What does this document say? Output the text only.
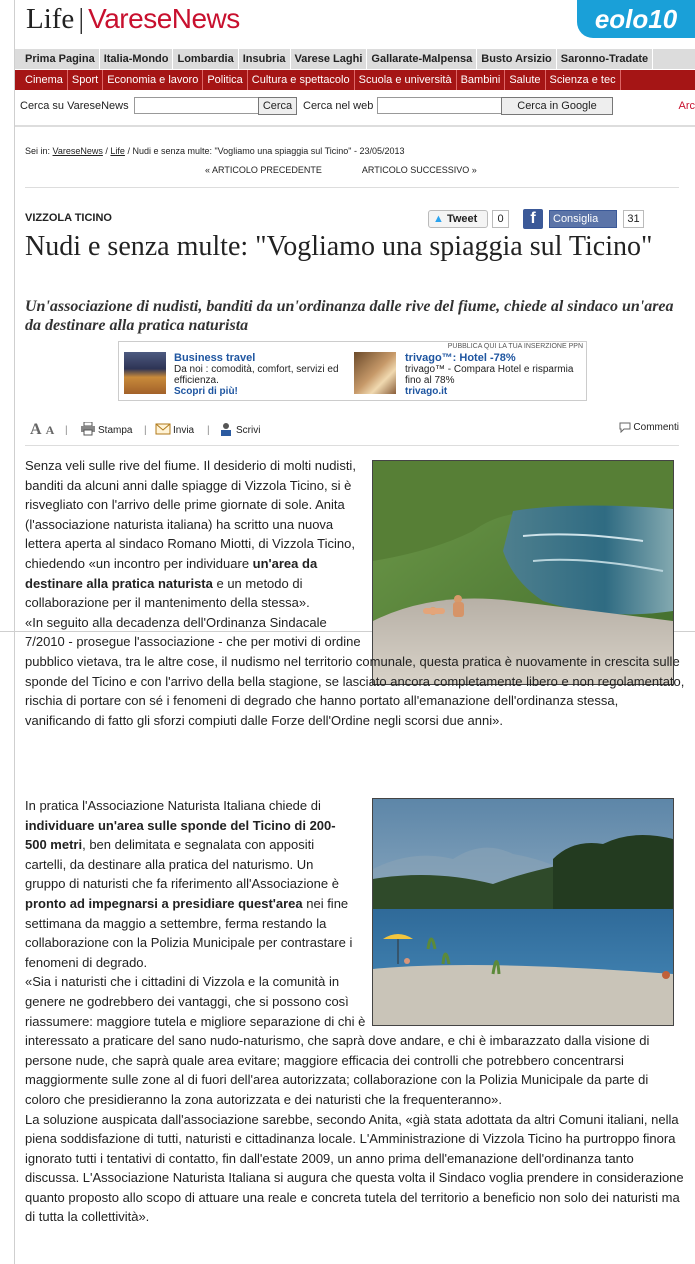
Life | VareseNews	eolo10
Prima Pagina Italia-Mondo Lombardia Insubria Varese Laghi Gallarate-Malpensa Busto Arsizio Saronno-Tradate
Cinema Sport Economia e lavoro Politica Cultura e spettacolo Scuola e università Bambini Salute Scienza e tec
Cerca su VareseNews	Cerca Cerca nel web	Cerca in Google	Arc
Sei in: VareseNews / Life / Nudi e senza multe: "Vogliamo una spiaggia sul Ticino" - 23/05/2013
« ARTICOLO PRECEDENTE	ARTICOLO SUCCESSIVO »
VIZZOLA TICINO	▲ Tweet	0	f	Consiglia	31
Nudi e senza multe: "Vogliamo una spiaggia sul Ticino"
Un'associazione di nudisti, banditi da un'ordinanza dalle rive del fiume, chiede al sindaco un'area da destinare alla pratica naturista
PUBBLICA QUI LA TUA INSERZIONE PPN
Business travel
Da noi : comodità, comfort, servizi ed efficienza.
Scopri di più!
trivago™: Hotel -78%
trivago™ - Compara Hotel e risparmia fino al 78%
trivago.it
A A |	Stampa |	Invia |	Scrivi	Commenti

Senza veli sulle rive del fiume. Il desiderio di molti nudisti, banditi da alcuni anni dalle spiagge di Vizzola Ticino, si è risvegliato con l'arrivo delle prime giornate di sole. Anita (l'associazione naturista italiana) ha scritto una nuova lettera aperta al sindaco Romano Miotti, di Vizzola Ticino, chiedendo «un incontro per individuare un'area da destinare alla pratica naturista e un metodo di collaborazione per il mantenimento della stessa».

«In seguito alla decadenza dell'Ordinanza Sindacale 7/2010 - prosegue l'associazione - che per motivi di ordine pubblico vietava, tra le altre cose, il nudismo nel territorio comunale, questa pratica è nuovamente in crescita sulle sponde del Ticino e con l'arrivo della bella stagione, se lasciato ancora completamente libero e non regolamentato, rischia di portare con sé i fenomeni di degrado che hanno portato all'emanazione dell'ordinanza stessa, vanificando di fatto gli sforzi compiuti dalle Forze dell'Ordine negli scorsi due anni».

In pratica l'Associazione Naturista Italiana chiede di individuare un'area sulle sponde del Ticino di 200-500 metri, ben delimitata e segnalata con appositi cartelli, da destinare alla pratica del naturismo. Un gruppo di naturisti che fa riferimento all'Associazione è pronto ad impegnarsi a presidiare quest'area nei fine settimana da maggio a settembre, ferma restando la collaborazione con la Polizia Municipale per contrastare i fenomeni di degrado.

«Sia i naturisti che i cittadini di Vizzola e la comunità in genere ne godrebbero dei vantaggi, che si possono così riassumere: maggiore tutela e migliore separazione di chi è interessato a praticare del sano nudo-naturismo, che saprà dove andare, e chi è imbarazzato dalla visione di persone nude, che saprà quale area evitare; maggiore efficacia dei controlli che potrebbero concentrarsi maggiormente sulle zone al di fuori dell'area autorizzata; collaborazione con la Polizia Municipale da parte di coloro che presidieranno la zona autorizzata e dei naturisti che la frequenteranno».

La soluzione auspicata dall'associazione sarebbe, secondo Anita, «già stata adottata da altri Comuni italiani, nella piena soddisfazione di tutti, naturisti e cittadinanza locale. L'Amministrazione di Vizzola Ticino ha purtroppo finora ignorato tutti i tentativi di contatto, fin dall'estate 2009, un anno prima dell'emanazione dell'ordinanza tanto discussa. L'Associazione Naturista Italiana si augura che questa volta il Sindaco voglia prendere in considerazione quanto proposto allo scopo di attuare una reale e concreta tutela del territorio a beneficio non solo dei naturisti ma di tutta la collettività».
